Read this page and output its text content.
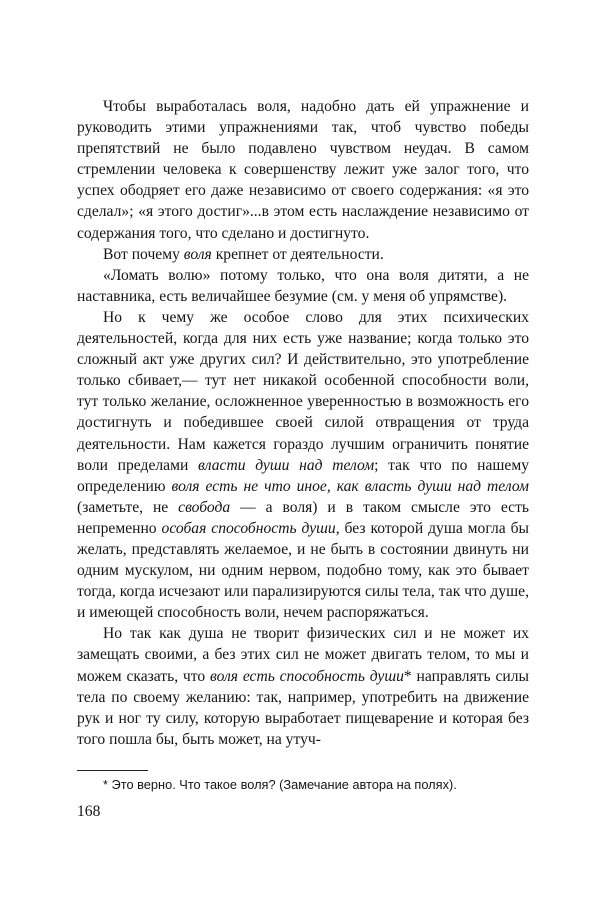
Чтобы выработалась воля, надобно дать ей упражнение и руководить этими упражнениями так, чтоб чувство победы препятствий не было подавлено чувством неудач. В самом стремлении человека к совершенству лежит уже залог того, что успех ободряет его даже независимо от своего содержания: «я это сделал»; «я этого достиг»...в этом есть наслаждение независимо от содержания того, что сделано и достигнуто.

Вот почему воля крепнет от деятельности.

«Ломать волю» потому только, что она воля дитяти, а не наставника, есть величайшее безумие (см. у меня об упрямстве).

Но к чему же особое слово для этих психических деятельностей, когда для них есть уже название; когда только это сложный акт уже других сил? И действительно, это употребление только сбивает,— тут нет никакой особенной способности воли, тут только желание, осложненное уверенностью в возможность его достигнуть и победившее своей силой отвращения от труда деятельности. Нам кажется гораздо лучшим ограничить понятие воли пределами власти души над телом; так что по нашему определению воля есть не что иное, как власть души над телом (заметьте, не свобода — а воля) и в таком смысле это есть непременно особая способность души, без которой душа могла бы желать, представлять желаемое, и не быть в состоянии двинуть ни одним мускулом, ни одним нервом, подобно тому, как это бывает тогда, когда исчезают или парализируются силы тела, так что душе, и имеющей способность воли, нечем распоряжаться.

Но так как душа не творит физических сил и не может их замещать своими, а без этих сил не может двигать телом, то мы и можем сказать, что воля есть способность души* направлять силы тела по своему желанию: так, например, употребить на движение рук и ног ту силу, которую выработает пищеварение и которая без того пошла бы, быть может, на утуч-

* Это верно. Что такое воля? (Замечание автора на полях).

168
